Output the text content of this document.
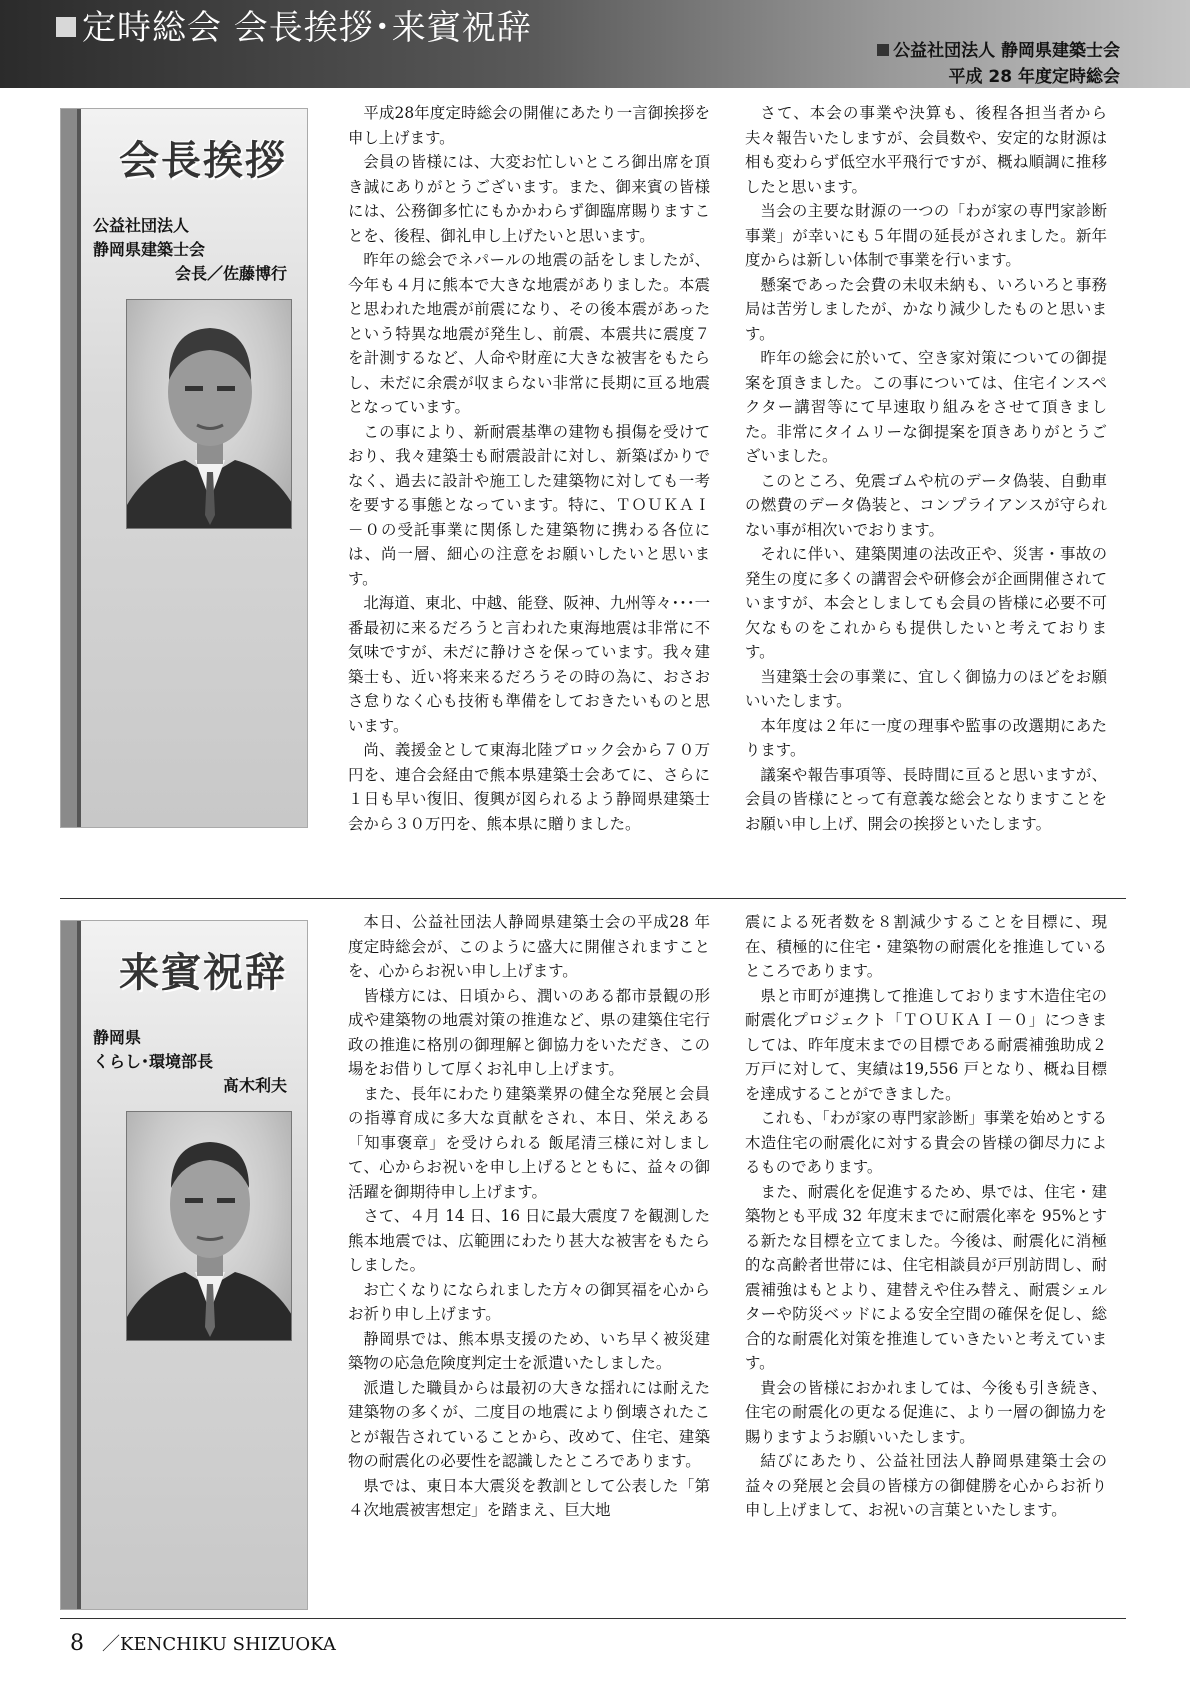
定時総会 会長挨拶･来賓祝辞
公益社団法人 静岡県建築士会
平成 28 年度定時総会
会長挨拶
公益社団法人
静岡県建築士会
会長／佐藤博行

平成28年度定時総会の開催にあたり一言御挨拶を申し上げます。

会員の皆様には、大変お忙しいところ御出席を頂き誠にありがとうございます。また、御来賓の皆様には、公務御多忙にもかかわらず御臨席賜りますことを、後程、御礼申し上げたいと思います。

昨年の総会でネパールの地震の話をしましたが、今年も４月に熊本で大きな地震がありました。本震と思われた地震が前震になり、その後本震があったという特異な地震が発生し、前震、本震共に震度７を計測するなど、人命や財産に大きな被害をもたらし、未だに余震が収まらない非常に長期に亘る地震となっています。

この事により、新耐震基準の建物も損傷を受けており、我々建築士も耐震設計に対し、新築ばかりでなく、過去に設計や施工した建築物に対しても一考を要する事態となっています。特に、ＴＯＵＫＡＩ－０の受託事業に関係した建築物に携わる各位には、尚一層、細心の注意をお願いしたいと思います。

北海道、東北、中越、能登、阪神、九州等々･･･一番最初に来るだろうと言われた東海地震は非常に不気味ですが、未だに静けさを保っています。我々建築士も、近い将来来るだろうその時の為に、おさおさ怠りなく心も技術も準備をしておきたいものと思います。

尚、義援金として東海北陸ブロック会から７０万円を、連合会経由で熊本県建築士会あてに、さらに１日も早い復旧、復興が図られるよう静岡県建築士会から３０万円を、熊本県に贈りました。

さて、本会の事業や決算も、後程各担当者から夫々報告いたしますが、会員数や、安定的な財源は相も変わらず低空水平飛行ですが、概ね順調に推移したと思います。

当会の主要な財源の一つの「わが家の専門家診断事業」が幸いにも５年間の延長がされました。新年度からは新しい体制で事業を行います。

懸案であった会費の未収未納も、いろいろと事務局は苦労しましたが、かなり減少したものと思います。

昨年の総会に於いて、空き家対策についての御提案を頂きました。この事については、住宅インスペクター講習等にて早速取り組みをさせて頂きました。非常にタイムリーな御提案を頂きありがとうございました。

このところ、免震ゴムや杭のデータ偽装、自動車の燃費のデータ偽装と、コンプライアンスが守られない事が相次いでおります。

それに伴い、建築関連の法改正や、災害・事故の発生の度に多くの講習会や研修会が企画開催されていますが、本会としましても会員の皆様に必要不可欠なものをこれからも提供したいと考えております。

当建築士会の事業に、宜しく御協力のほどをお願いいたします。

本年度は２年に一度の理事や監事の改選期にあたります。

議案や報告事項等、長時間に亘ると思いますが、会員の皆様にとって有意義な総会となりますことをお願い申し上げ、開会の挨拶といたします。

来賓祝辞
静岡県
くらし･環境部長
髙木利夫

本日、公益社団法人静岡県建築士会の平成28 年度定時総会が、このように盛大に開催されますことを、心からお祝い申し上げます。

皆様方には、日頃から、潤いのある都市景観の形成や建築物の地震対策の推進など、県の建築住宅行政の推進に格別の御理解と御協力をいただき、この場をお借りして厚くお礼申し上げます。

また、長年にわたり建築業界の健全な発展と会員の指導育成に多大な貢献をされ、本日、栄えある「知事褒章」を受けられる 飯尾清三様に対しまして、心からお祝いを申し上げるとともに、益々の御活躍を御期待申し上げます。

さて、４月 14 日、16 日に最大震度７を観測した熊本地震では、広範囲にわたり甚大な被害をもたらしました。

お亡くなりになられました方々の御冥福を心からお祈り申し上げます。

静岡県では、熊本県支援のため、いち早く被災建築物の応急危険度判定士を派遣いたしました。

派遣した職員からは最初の大きな揺れには耐えた建築物の多くが、二度目の地震により倒壊されたことが報告されていることから、改めて、住宅、建築物の耐震化の必要性を認識したところであります。

県では、東日本大震災を教訓として公表した「第４次地震被害想定」を踏まえ、巨大地

震による死者数を８割減少することを目標に、現在、積極的に住宅・建築物の耐震化を推進しているところであります。

県と市町が連携して推進しております木造住宅の耐震化プロジェクト「ＴＯＵＫＡＩ－０」につきましては、昨年度末までの目標である耐震補強助成２万戸に対して、実績は19,556 戸となり、概ね目標を達成することができました。

これも、「わが家の専門家診断」事業を始めとする木造住宅の耐震化に対する貴会の皆様の御尽力によるものであります。

また、耐震化を促進するため、県では、住宅・建築物とも平成 32 年度末までに耐震化率を 95%とする新たな目標を立てました。今後は、耐震化に消極的な高齢者世帯には、住宅相談員が戸別訪問し、耐震補強はもとより、建替えや住み替え、耐震シェルターや防災ベッドによる安全空間の確保を促し、総合的な耐震化対策を推進していきたいと考えています。

貴会の皆様におかれましては、今後も引き続き、住宅の耐震化の更なる促進に、より一層の御協力を賜りますようお願いいたします。

結びにあたり、公益社団法人静岡県建築士会の益々の発展と会員の皆様方の御健勝を心からお祈り申し上げまして、お祝いの言葉といたします。

8 ／KENCHIKU SHIZUOKA
